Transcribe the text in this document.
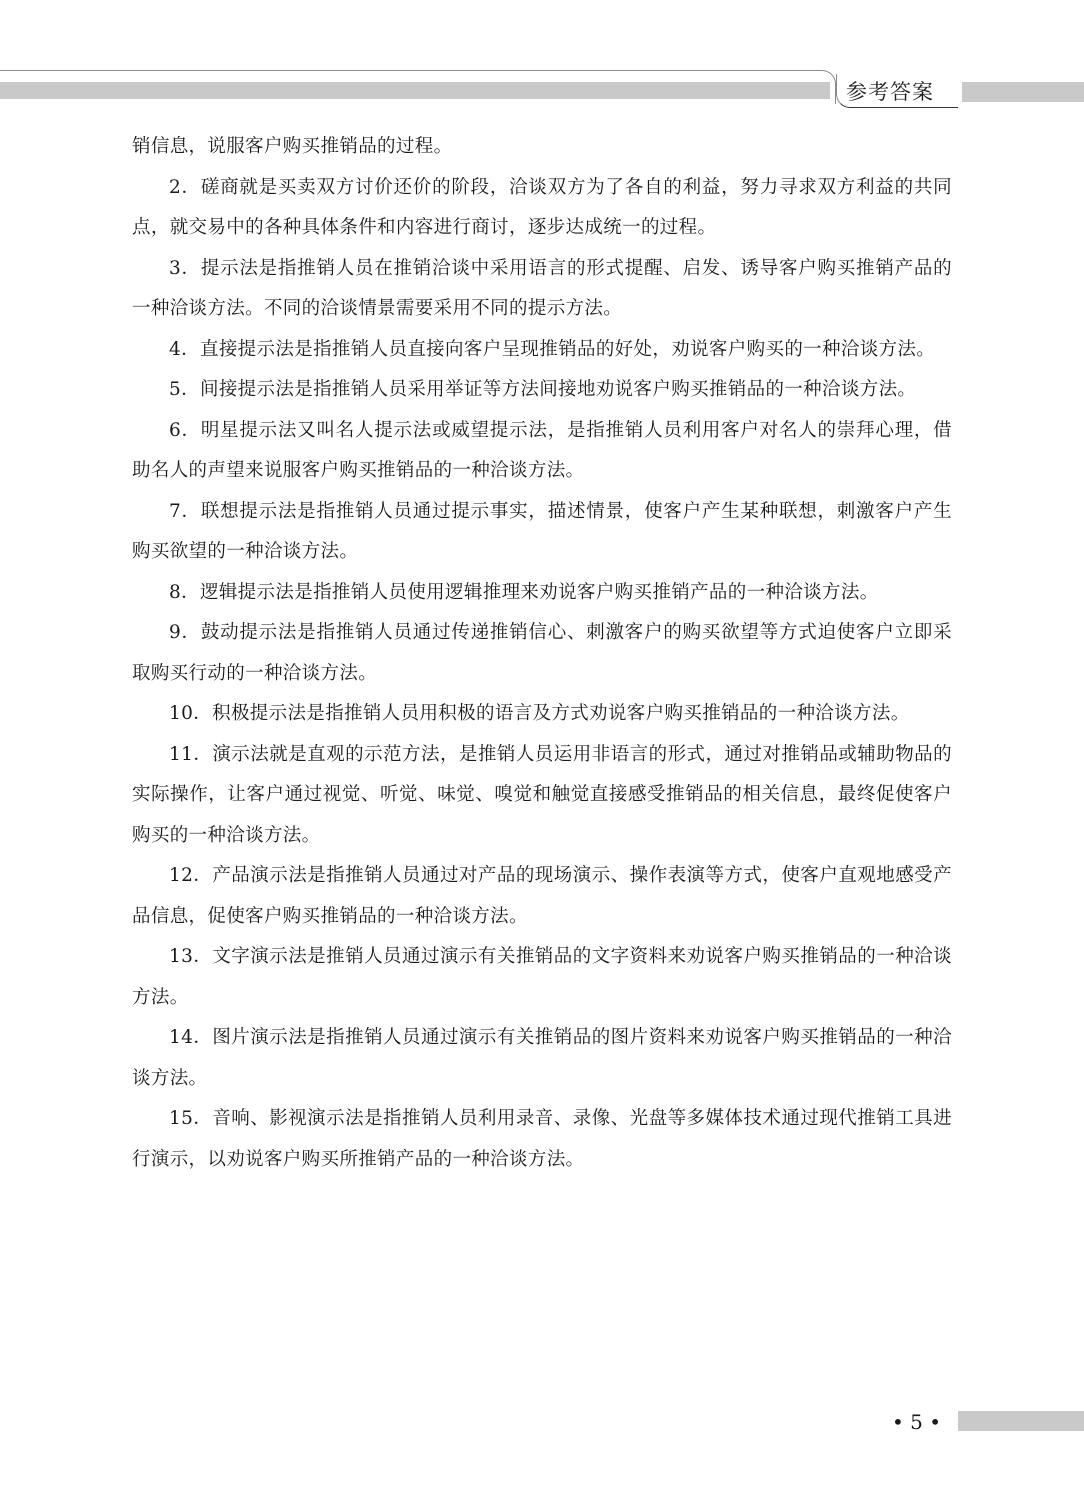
参考答案

销信息，说服客户购买推销品的过程。

2．磋商就是买卖双方讨价还价的阶段，洽谈双方为了各自的利益，努力寻求双方利益的共同点，就交易中的各种具体条件和内容进行商讨，逐步达成统一的过程。

3．提示法是指推销人员在推销洽谈中采用语言的形式提醒、启发、诱导客户购买推销产品的一种洽谈方法。不同的洽谈情景需要采用不同的提示方法。

4．直接提示法是指推销人员直接向客户呈现推销品的好处，劝说客户购买的一种洽谈方法。

5．间接提示法是指推销人员采用举证等方法间接地劝说客户购买推销品的一种洽谈方法。

6．明星提示法又叫名人提示法或威望提示法，是指推销人员利用客户对名人的崇拜心理，借助名人的声望来说服客户购买推销品的一种洽谈方法。

7．联想提示法是指推销人员通过提示事实，描述情景，使客户产生某种联想，刺激客户产生购买欲望的一种洽谈方法。

8．逻辑提示法是指推销人员使用逻辑推理来劝说客户购买推销产品的一种洽谈方法。

9．鼓动提示法是指推销人员通过传递推销信心、刺激客户的购买欲望等方式迫使客户立即采取购买行动的一种洽谈方法。

10．积极提示法是指推销人员用积极的语言及方式劝说客户购买推销品的一种洽谈方法。

11．演示法就是直观的示范方法，是推销人员运用非语言的形式，通过对推销品或辅助物品的实际操作，让客户通过视觉、听觉、味觉、嗅觉和触觉直接感受推销品的相关信息，最终促使客户购买的一种洽谈方法。

12．产品演示法是指推销人员通过对产品的现场演示、操作表演等方式，使客户直观地感受产品信息，促使客户购买推销品的一种洽谈方法。

13．文字演示法是推销人员通过演示有关推销品的文字资料来劝说客户购买推销品的一种洽谈方法。

14．图片演示法是指推销人员通过演示有关推销品的图片资料来劝说客户购买推销品的一种洽谈方法。

15．音响、影视演示法是指推销人员利用录音、录像、光盘等多媒体技术通过现代推销工具进行演示，以劝说客户购买所推销产品的一种洽谈方法。

• 5 •
